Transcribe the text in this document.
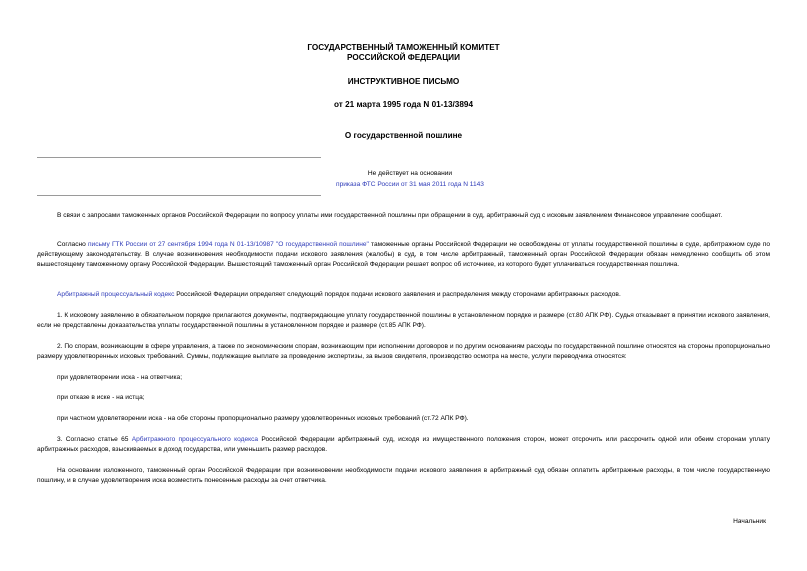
ГОСУДАРСТВЕННЫЙ ТАМОЖЕННЫЙ КОМИТЕТ
РОССИЙСКОЙ ФЕДЕРАЦИИ
ИНСТРУКТИВНОЕ ПИСЬМО
от 21 марта 1995 года N 01-13/3894
О государственной пошлине
Не действует на основании
приказа ФТС России от 31 мая 2011 года N 1143

В связи с запросами таможенных органов Российской Федерации по вопросу уплаты ими государственной пошлины при обращении в суд, арбитражный суд с исковым заявлением Финансовое управление сообщает.

Согласно письму ГТК России от 27 сентября 1994 года N 01-13/10987 "О государственной пошлине" таможенные органы Российской Федерации не освобождены от уплаты государственной пошлины в суде, арбитражном суде по действующему законодательству. В случае возникновения необходимости подачи искового заявления (жалобы) в суд, в том числе арбитражный, таможенный орган Российской Федерации обязан немедленно сообщить об этом вышестоящему таможенному органу Российской Федерации. Вышестоящий таможенный орган Российской Федерации решает вопрос об источнике, из которого будет уплачиваться государственная пошлина.

Арбитражный процессуальный кодекс Российской Федерации определяет следующий порядок подачи искового заявления и распределения между сторонами арбитражных расходов.

1. К исковому заявлению в обязательном порядке прилагаются документы, подтверждающие уплату государственной пошлины в установленном порядке и размере (ст.80 АПК РФ). Судья отказывает в принятии искового заявления, если не представлены доказательства уплаты государственной пошлины в установленном порядке и размере (ст.85 АПК РФ).

2. По спорам, возникающим в сфере управления, а также по экономическим спорам, возникающим при исполнении договоров и по другим основаниям расходы по государственной пошлине относятся на стороны пропорционально размеру удовлетворенных исковых требований. Суммы, подлежащие выплате за проведение экспертизы, за вызов свидетеля, производство осмотра на месте, услуги переводчика относятся:

при удовлетворении иска - на ответчика;

при отказе в иске - на истца;

при частном удовлетворении иска - на обе стороны пропорционально размеру удовлетворенных исковых требований (ст.72 АПК РФ).

3. Согласно статье 65 Арбитражного процессуального кодекса Российской Федерации арбитражный суд, исходя из имущественного положения сторон, может отсрочить или рассрочить одной или обеим сторонам уплату арбитражных расходов, взыскиваемых в доход государства, или уменьшить размер расходов.

На основании изложенного, таможенный орган Российской Федерации при возникновении необходимости подачи искового заявления в арбитражный суд обязан оплатить арбитражные расходы, в том числе государственную пошлину, и в случае удовлетворения иска возместить понесенные расходы за счет ответчика.

Начальник
